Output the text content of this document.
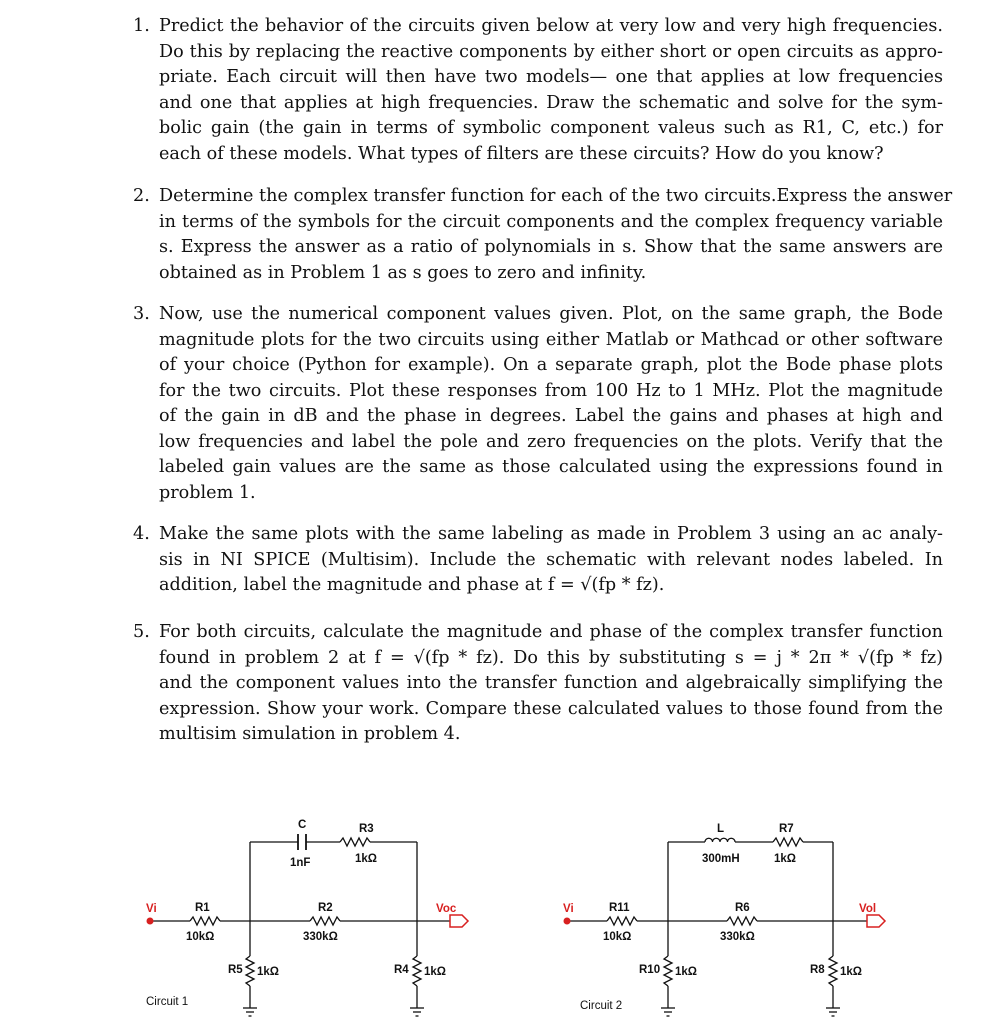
1. Predict the behavior of the circuits given below at very low and very high frequencies.
Do this by replacing the reactive components by either short or open circuits as appro-
priate. Each circuit will then have two models— one that applies at low frequencies
and one that applies at high frequencies. Draw the schematic and solve for the sym-
bolic gain (the gain in terms of symbolic component valeus such as R1, C, etc.) for
each of these models. What types of filters are these circuits? How do you know?
2. Determine the complex transfer function for each of the two circuits.Express the answer
in terms of the symbols for the circuit components and the complex frequency variable
s. Express the answer as a ratio of polynomials in s. Show that the same answers are
obtained as in Problem 1 as s goes to zero and infinity.
3. Now, use the numerical component values given. Plot, on the same graph, the Bode
magnitude plots for the two circuits using either Matlab or Mathcad or other software
of your choice (Python for example). On a separate graph, plot the Bode phase plots
for the two circuits. Plot these responses from 100 Hz to 1 MHz. Plot the magnitude
of the gain in dB and the phase in degrees. Label the gains and phases at high and
low frequencies and label the pole and zero frequencies on the plots. Verify that the
labeled gain values are the same as those calculated using the expressions found in
problem 1.
4. Make the same plots with the same labeling as made in Problem 3 using an ac analy-
sis in NI SPICE (Multisim). Include the schematic with relevant nodes labeled. In
addition, label the magnitude and phase at f = √(fp * fz).
5. For both circuits, calculate the magnitude and phase of the complex transfer function
found in problem 2 at f = √(fp * fz). Do this by substituting s = j * 2π * √(fp * fz)
and the component values into the transfer function and algebraically simplifying the
expression. Show your work. Compare these calculated values to those found from the
multisim simulation in problem 4.
Vi	Voc
R1
10kΩ
R2
330kΩ
C
1nF
R3
1kΩ
R5 1kΩ	R4 1kΩ
Circuit 1
Vi	Vol
R11
10kΩ
R6
330kΩ
L
300mH
R7
1kΩ
R10 1kΩ	R8 1kΩ
Circuit 2
